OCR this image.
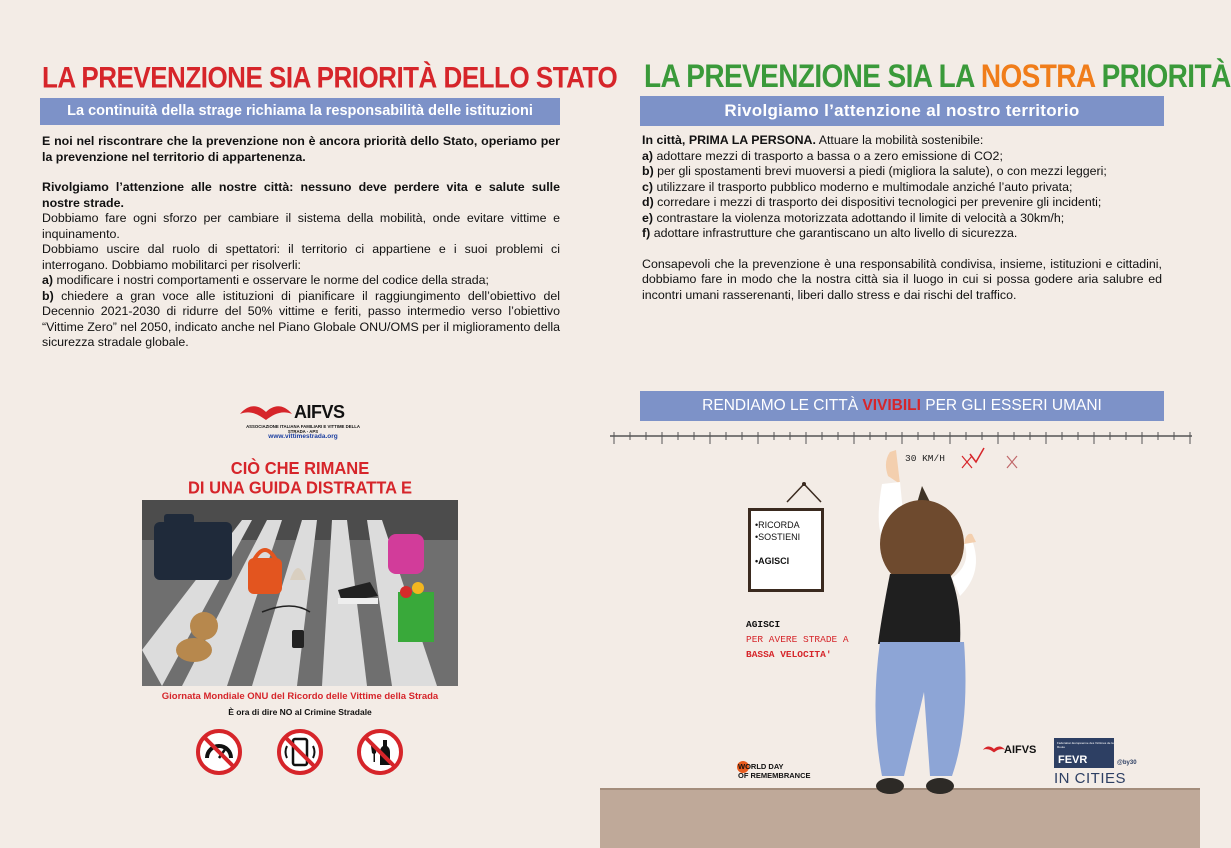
LA PREVENZIONE SIA PRIORITÀ DELLO STATO
La continuità della strage richiama la responsabilità delle istituzioni

E noi nel riscontrare che la prevenzione non è ancora priorità dello Stato, operiamo per la prevenzione nel territorio di appartenenza.

Rivolgiamo l’attenzione alle nostre città: nessuno deve perdere vita e salute sulle nostre strade.

Dobbiamo fare ogni sforzo per cambiare il sistema della mobilità, onde evitare vittime e inquinamento.

Dobbiamo uscire dal ruolo di spettatori: il territorio ci appartiene e i suoi problemi ci interrogano. Dobbiamo mobilitarci per risolverli:

a) modificare i nostri comportamenti e osservare le norme del codice della strada;

b) chiedere a gran voce alle istituzioni di pianificare il raggiungimento dell’obiettivo del Decennio 2021-2030 di ridurre del 50% vittime e feriti, passo intermedio verso l’obiettivo “Vittime Zero” nel 2050, indicato anche nel Piano Globale ONU/OMS per il miglioramento della sicurezza stradale globale.

AIFVS
ASSOCIAZIONE ITALIANA FAMILIARI E VITTIME DELLA STRADA - APS
www.vittimestrada.org
CIÒ CHE RIMANE
DI UNA GUIDA DISTRATTA E
Giornata Mondiale ONU del Ricordo delle Vittime della Strada
È ora di dire NO al Crimine Stradale
LA PREVENZIONE SIA LA NOSTRA PRIORITÀ
Rivolgiamo l’attenzione al nostro territorio

In città, PRIMA LA PERSONA. Attuare la mobilità sostenibile:

a) adottare mezzi di trasporto a bassa o a zero emissione di CO2;

b) per gli spostamenti brevi muoversi a piedi (migliora la salute), o con mezzi leggeri;

c) utilizzare il trasporto pubblico moderno e multimodale anziché l’auto privata;

d) corredare i mezzi di trasporto dei dispositivi tecnologici per prevenire gli incidenti;

e) contrastare la violenza motorizzata adottando il limite di velocità a 30km/h;

f) adottare infrastrutture che garantiscano un alto livello di sicurezza.

Consapevoli che la prevenzione è una responsabilità condivisa, insieme, istituzioni e cittadini, dobbiamo fare in modo che la nostra città sia il luogo in cui si possa godere aria salubre ed incontri umani rasserenanti, liberi dallo stress e dai rischi del traffico.

RENDIAMO LE CITTÀ VIVIBILI PER GLI ESSERI UMANI
30 KM/H
•RICORDA
•SOSTIENI
•AGISCI
AGISCI
PER AVERE STRADE A
BASSA VELOCITA'
WORLD DAY
OF REMEMBRANCE
AIFVS
Fédération Européenne des Victimes de la Route
FEVR	@by30
IN CITIES
